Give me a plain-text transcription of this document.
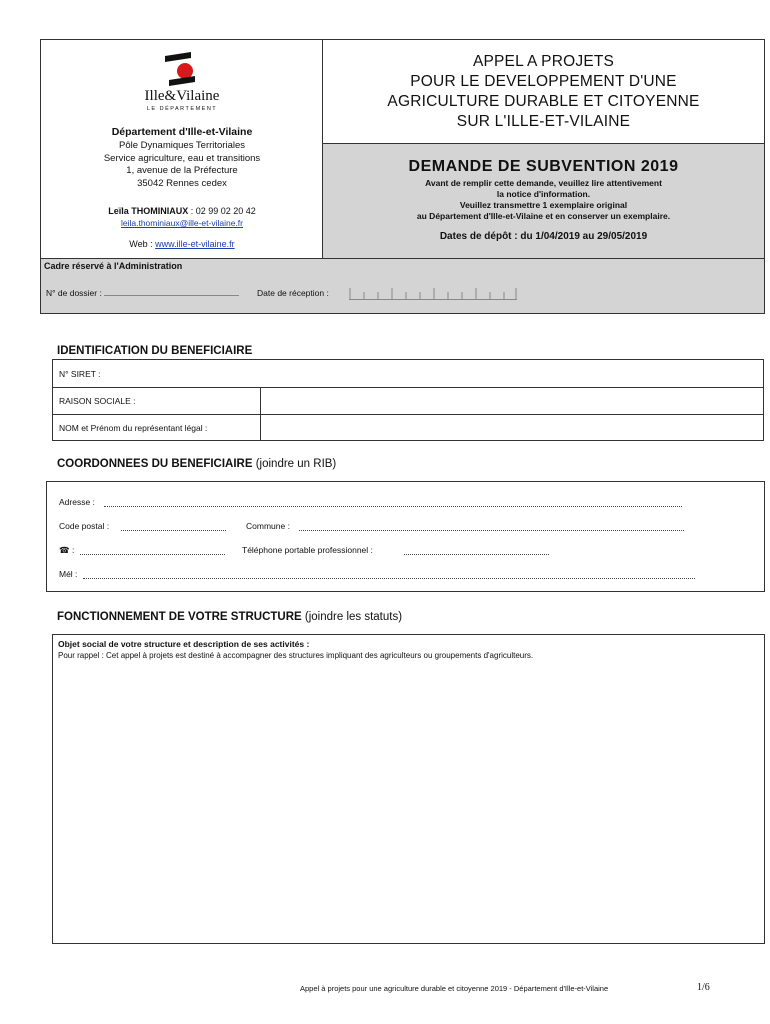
Ille&Vilaine
LE DÉPARTEMENT
Département d'Ille-et-Vilaine
Pôle Dynamiques Territoriales
Service agriculture, eau et transitions
1, avenue de la Préfecture
35042 Rennes cedex
Leïla THOMINIAUX : 02 99 02 20 42
leila.thominiaux@ille-et-vilaine.fr
Web : www.ille-et-vilaine.fr
APPEL A PROJETS
POUR LE DEVELOPPEMENT D'UNE
AGRICULTURE DURABLE ET CITOYENNE
SUR L'ILLE-ET-VILAINE
DEMANDE DE SUBVENTION 2019
Avant de remplir cette demande, veuillez lire attentivement
la notice d'information.
Veuillez transmettre 1 exemplaire original
au Département d'Ille-et-Vilaine et en conserver un exemplaire.
Dates de dépôt : du 1/04/2019 au 29/05/2019
Cadre réservé à l'Administration
N° de dossier :	Date de réception :
IDENTIFICATION DU BENEFICIAIRE
N° SIRET :
RAISON SOCIALE :
NOM et Prénom du représentant légal :
COORDONNEES DU BENEFICIAIRE (joindre un RIB)
Adresse :
Code postal :	Commune :
☎ :	Téléphone portable professionnel :
Mél :
FONCTIONNEMENT DE VOTRE STRUCTURE (joindre les statuts)
Objet social de votre structure et description de ses activités :
Pour rappel : Cet appel à projets est destiné à accompagner des structures impliquant des agriculteurs ou groupements d'agriculteurs.
Appel à projets pour une agriculture durable et citoyenne 2019 - Département d'Ille-et-Vilaine	1/6
